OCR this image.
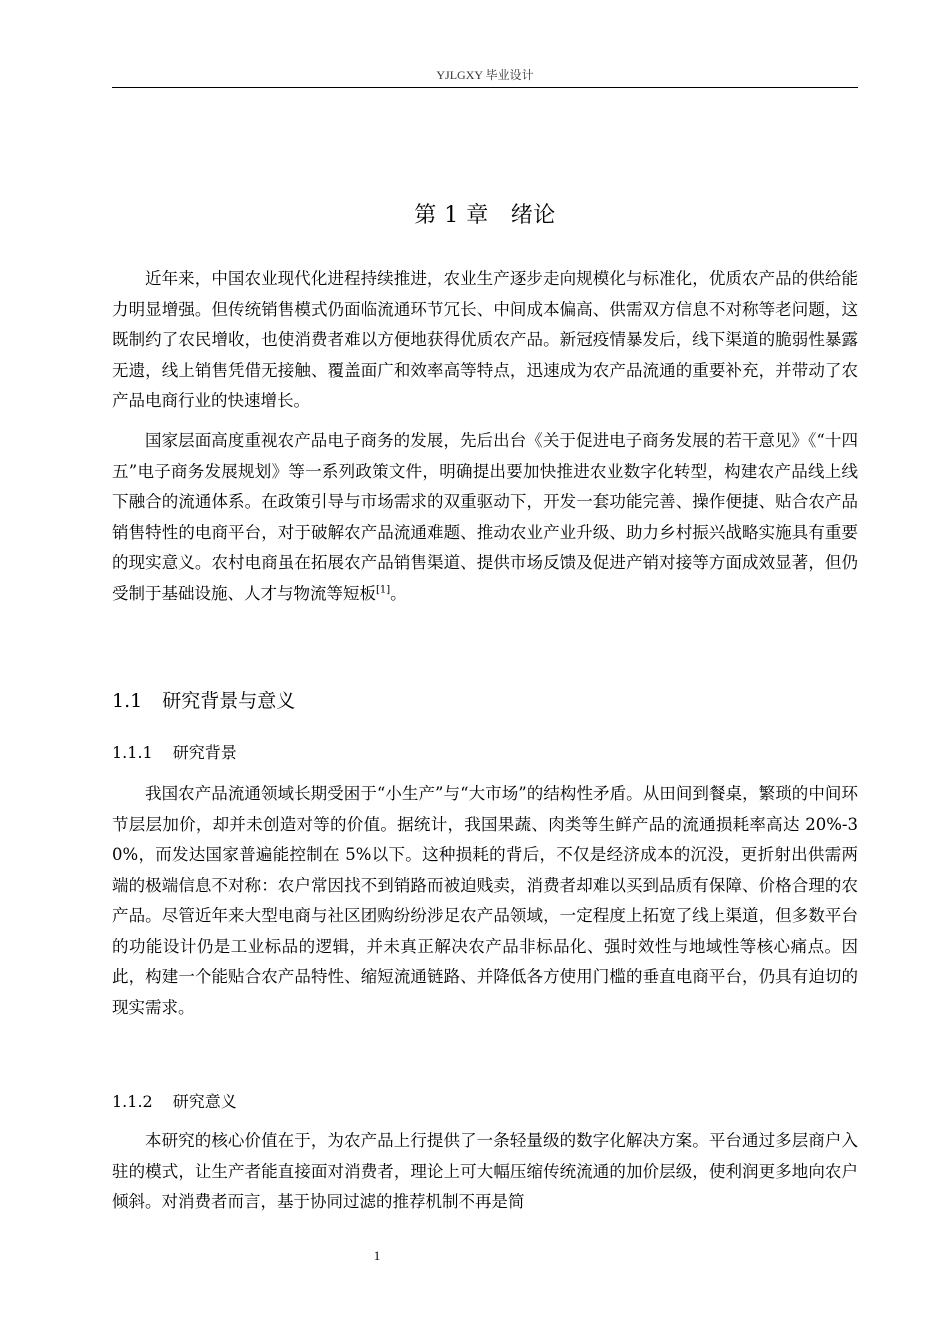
YJLGXY 毕业设计
第 1 章 绪论
近年来，中国农业现代化进程持续推进，农业生产逐步走向规模化与标准化，优质农产品的供给能力明显增强。但传统销售模式仍面临流通环节冗长、中间成本偏高、供需双方信息不对称等老问题，这既制约了农民增收，也使消费者难以方便地获得优质农产品。新冠疫情暴发后，线下渠道的脆弱性暴露无遗，线上销售凭借无接触、覆盖面广和效率高等特点，迅速成为农产品流通的重要补充，并带动了农产品电商行业的快速增长。
国家层面高度重视农产品电子商务的发展，先后出台《关于促进电子商务发展的若干意见》《“十四五”电子商务发展规划》等一系列政策文件，明确提出要加快推进农业数字化转型，构建农产品线上线下融合的流通体系。在政策引导与市场需求的双重驱动下，开发一套功能完善、操作便捷、贴合农产品销售特性的电商平台，对于破解农产品流通难题、推动农业产业升级、助力乡村振兴战略实施具有重要的现实意义。农村电商虽在拓展农产品销售渠道、提供市场反馈及促进产销对接等方面成效显著，但仍受制于基础设施、人才与物流等短板[1]。
1.1 研究背景与意义
1.1.1 研究背景
我国农产品流通领域长期受困于“小生产”与“大市场”的结构性矛盾。从田间到餐桌，繁琐的中间环节层层加价，却并未创造对等的价值。据统计，我国果蔬、肉类等生鲜产品的流通损耗率高达 20%-30%，而发达国家普遍能控制在 5%以下。这种损耗的背后，不仅是经济成本的沉没，更折射出供需两端的极端信息不对称：农户常因找不到销路而被迫贱卖，消费者却难以买到品质有保障、价格合理的农产品。尽管近年来大型电商与社区团购纷纷涉足农产品领域，一定程度上拓宽了线上渠道，但多数平台的功能设计仍是工业标品的逻辑，并未真正解决农产品非标品化、强时效性与地域性等核心痛点。因此，构建一个能贴合农产品特性、缩短流通链路、并降低各方使用门槛的垂直电商平台，仍具有迫切的现实需求。
1.1.2 研究意义
本研究的核心价值在于，为农产品上行提供了一条轻量级的数字化解决方案。平台通过多层商户入驻的模式，让生产者能直接面对消费者，理论上可大幅压缩传统流通的加价层级，使利润更多地向农户倾斜。对消费者而言，基于协同过滤的推荐机制不再是简
1
